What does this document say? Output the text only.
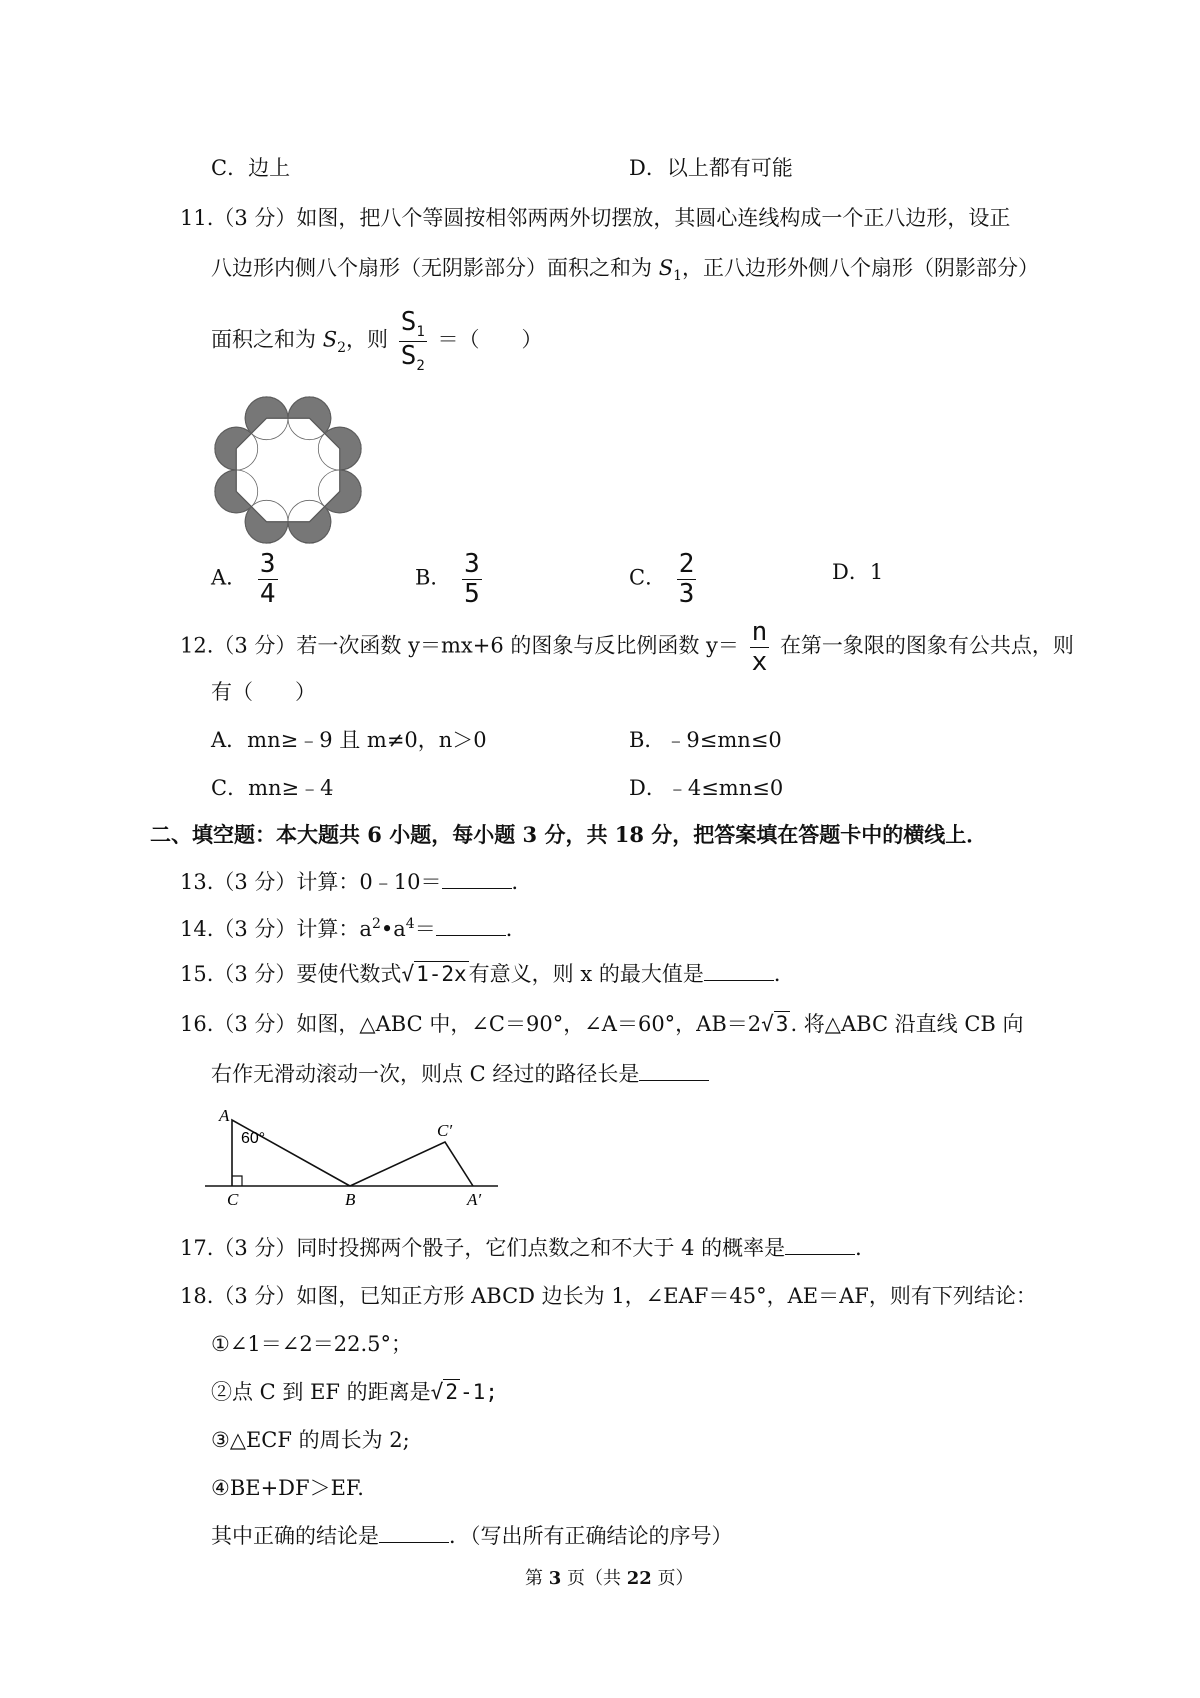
C．边上	D．以上都有可能
11.（3 分）如图，把八个等圆按相邻两两外切摆放，其圆心连线构成一个正八边形，设正
八边形内侧八个扇形（无阴影部分）面积之和为 $S_1$，正八边形外侧八个扇形（阴影部分）
面积之和为 $S_2$，则 $\frac{S_1}{S_2}$ ＝（　　）
A． $\frac{3}{4}$	B． $\frac{3}{5}$	C． $\frac{2}{3}$	D．1
12.（3 分）若一次函数 y＝mx+6 的图象与反比例函数 $y= \frac{n}{x}$ 在第一象限的图象有公共点，则
有（　　）
A．mn≥﹣9 且 m≠0，n＞0	B．﹣9≤mn≤0
C．mn≥﹣4	D．﹣4≤mn≤0
二、填空题：本大题共 6 小题，每小题 3 分，共 18 分，把答案填在答题卡中的横线上．
13.（3 分）计算：0﹣10＝	．
14.（3 分）计算：$a^2•a^4=$	．
15.（3 分）要使代数式√1-2x有意义，则 x 的最大值是	．
16.（3 分）如图，△ABC 中，∠C＝90°，∠A＝60°，AB＝2√3. 将△ABC 沿直线 CB 向
右作无滑动滚动一次，则点 C 经过的路径长是
A
60°
C	B
C′
A′
17.（3 分）同时投掷两个骰子，它们点数之和不大于 4 的概率是	．
18.（3 分）如图，已知正方形 ABCD 边长为 1，∠EAF＝45°，AE＝AF，则有下列结论：
①∠1＝∠2＝22.5°；
②点 C 到 EF 的距离是√2-1;
③△ECF 的周长为 2;
④BE+DF＞EF.
其中正确的结论是	．（写出所有正确结论的序号）
第 3 页（共 22 页）
